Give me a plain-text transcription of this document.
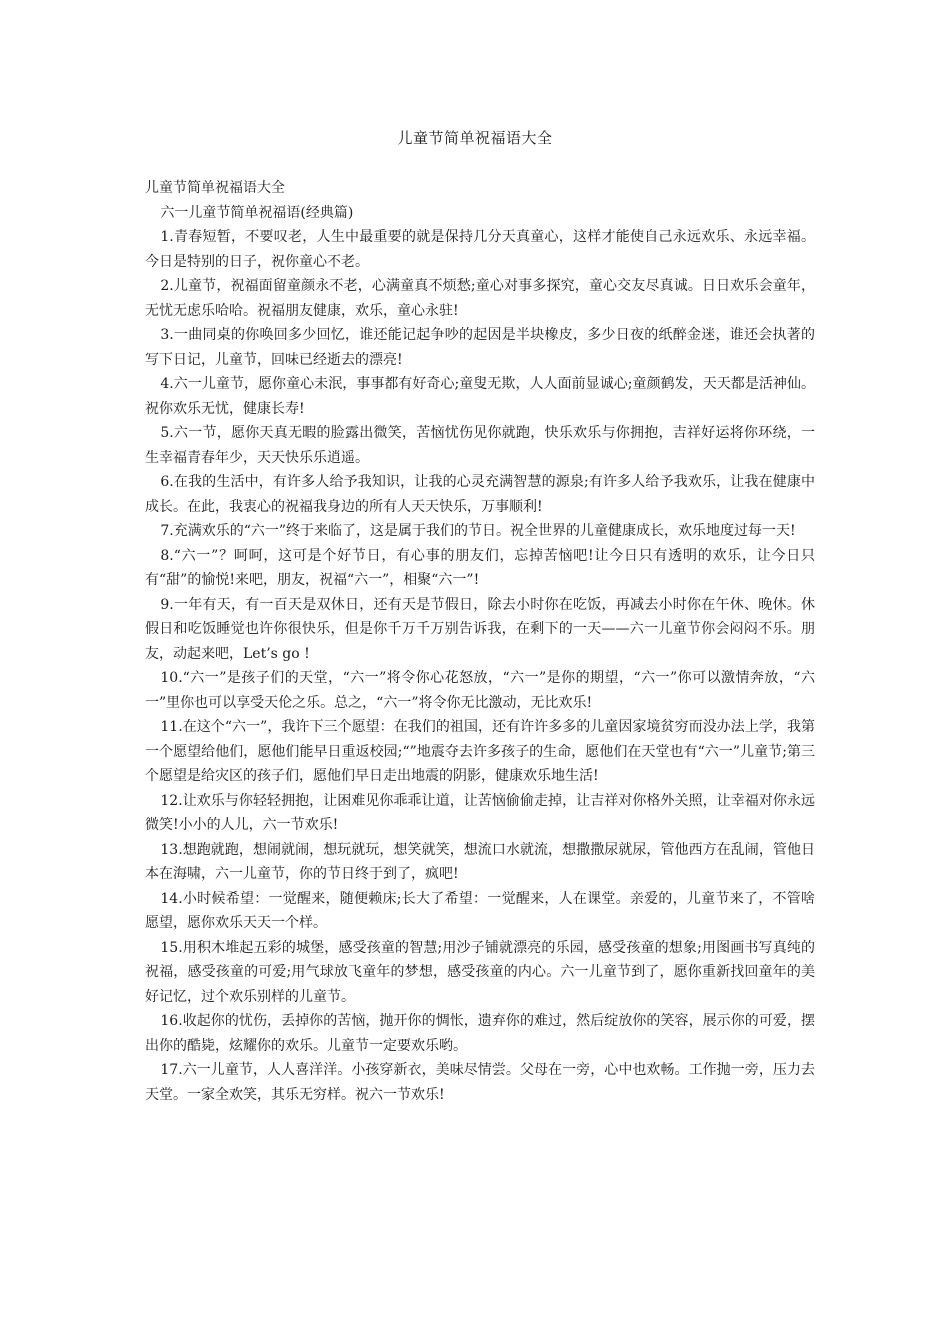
儿童节简单祝福语大全

儿童节简单祝福语大全

六一儿童节简单祝福语(经典篇)

1.青春短暂，不要叹老，人生中最重要的就是保持几分天真童心，这样才能使自己永远欢乐、永远幸福。今日是特别的日子，祝你童心不老。

2.儿童节，祝福面留童颜永不老，心满童真不烦愁;童心对事多探究，童心交友尽真诚。日日欢乐会童年，无忧无虑乐哈哈。祝福朋友健康，欢乐，童心永驻!

3.一曲同桌的你唤回多少回忆，谁还能记起争吵的起因是半块橡皮，多少日夜的纸醉金迷，谁还会执著的写下日记，儿童节，回味已经逝去的漂亮!

4.六一儿童节，愿你童心未泯，事事都有好奇心;童叟无欺，人人面前显诚心;童颜鹤发，天天都是活神仙。祝你欢乐无忧，健康长寿!

5.六一节，愿你天真无暇的脸露出微笑，苦恼忧伤见你就跑，快乐欢乐与你拥抱，吉祥好运将你环绕，一生幸福青春年少，天天快乐乐逍遥。

6.在我的生活中，有许多人给予我知识，让我的心灵充满智慧的源泉;有许多人给予我欢乐，让我在健康中成长。在此，我衷心的祝福我身边的所有人天天快乐，万事顺利!

7.充满欢乐的“六一”终于来临了，这是属于我们的节日。祝全世界的儿童健康成长，欢乐地度过每一天!

8.“六一”？呵呵，这可是个好节日，有心事的朋友们，忘掉苦恼吧!让今日只有透明的欢乐，让今日只有“甜”的愉悦!来吧，朋友，祝福“六一”，相聚“六一”!

9.一年有天，有一百天是双休日，还有天是节假日，除去小时你在吃饭，再减去小时你在午休、晚休。休假日和吃饭睡觉也许你很快乐，但是你千万千万别告诉我，在剩下的一天——六一儿童节你会闷闷不乐。朋友，动起来吧，Let’s go !

10.“六一”是孩子们的天堂，“六一”将令你心花怒放，“六一”是你的期望，“六一”你可以激情奔放，“六一”里你也可以享受天伦之乐。总之，“六一”将令你无比激动，无比欢乐!

11.在这个“六一”，我许下三个愿望：在我们的祖国，还有许许多多的儿童因家境贫穷而没办法上学，我第一个愿望给他们，愿他们能早日重返校园;“”地震夺去许多孩子的生命，愿他们在天堂也有“六一”儿童节;第三个愿望是给灾区的孩子们，愿他们早日走出地震的阴影，健康欢乐地生活!

12.让欢乐与你轻轻拥抱，让困难见你乖乖让道，让苦恼偷偷走掉，让吉祥对你格外关照，让幸福对你永远微笑!小小的人儿，六一节欢乐!

13.想跑就跑，想闹就闹，想玩就玩，想笑就笑，想流口水就流，想撒撒尿就尿，管他西方在乱闹，管他日本在海啸，六一儿童节，你的节日终于到了，疯吧!

14.小时候希望：一觉醒来，随便赖床;长大了希望：一觉醒来，人在课堂。亲爱的，儿童节来了，不管啥愿望，愿你欢乐天天一个样。

15.用积木堆起五彩的城堡，感受孩童的智慧;用沙子铺就漂亮的乐园，感受孩童的想象;用图画书写真纯的祝福，感受孩童的可爱;用气球放飞童年的梦想，感受孩童的内心。六一儿童节到了，愿你重新找回童年的美好记忆，过个欢乐别样的儿童节。

16.收起你的忧伤，丢掉你的苦恼，抛开你的惆怅，遗弃你的难过，然后绽放你的笑容，展示你的可爱，摆出你的酷毙，炫耀你的欢乐。儿童节一定要欢乐哟。

17.六一儿童节，人人喜洋洋。小孩穿新衣，美味尽情尝。父母在一旁，心中也欢畅。工作抛一旁，压力去天堂。一家全欢笑，其乐无穷样。祝六一节欢乐!
